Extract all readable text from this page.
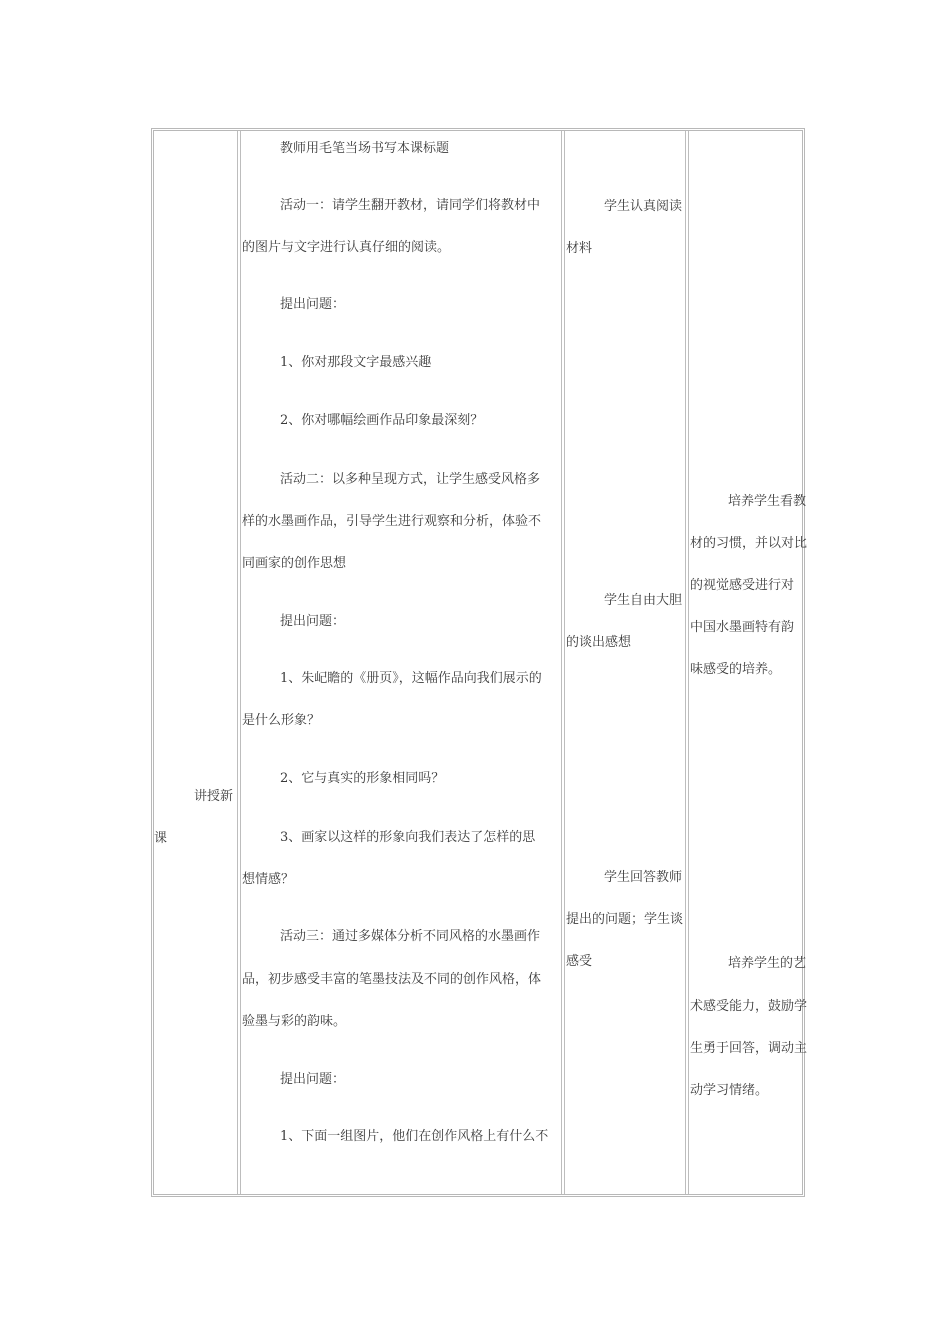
讲授新
课
教师用毛笔当场书写本课标题
活动一：请学生翻开教材，请同学们将教材中
的图片与文字进行认真仔细的阅读。
提出问题：
1、你对那段文字最感兴趣
2、你对哪幅绘画作品印象最深刻？
活动二：以多种呈现方式，让学生感受风格多
样的水墨画作品，引导学生进行观察和分析，体验不
同画家的创作思想
提出问题：
1、朱屺瞻的《册页》，这幅作品向我们展示的
是什么形象？
2、它与真实的形象相同吗？
3、画家以这样的形象向我们表达了怎样的思
想情感？
活动三：通过多媒体分析不同风格的水墨画作
品，初步感受丰富的笔墨技法及不同的创作风格，体
验墨与彩的韵味。
提出问题：
1、下面一组图片，他们在创作风格上有什么不
学生认真阅读
材料
学生自由大胆
的谈出感想
学生回答教师
提出的问题；学生谈
感受
培养学生看教
材的习惯，并以对比
的视觉感受进行对
中国水墨画特有韵
味感受的培养。
培养学生的艺
术感受能力，鼓励学
生勇于回答，调动主
动学习情绪。
